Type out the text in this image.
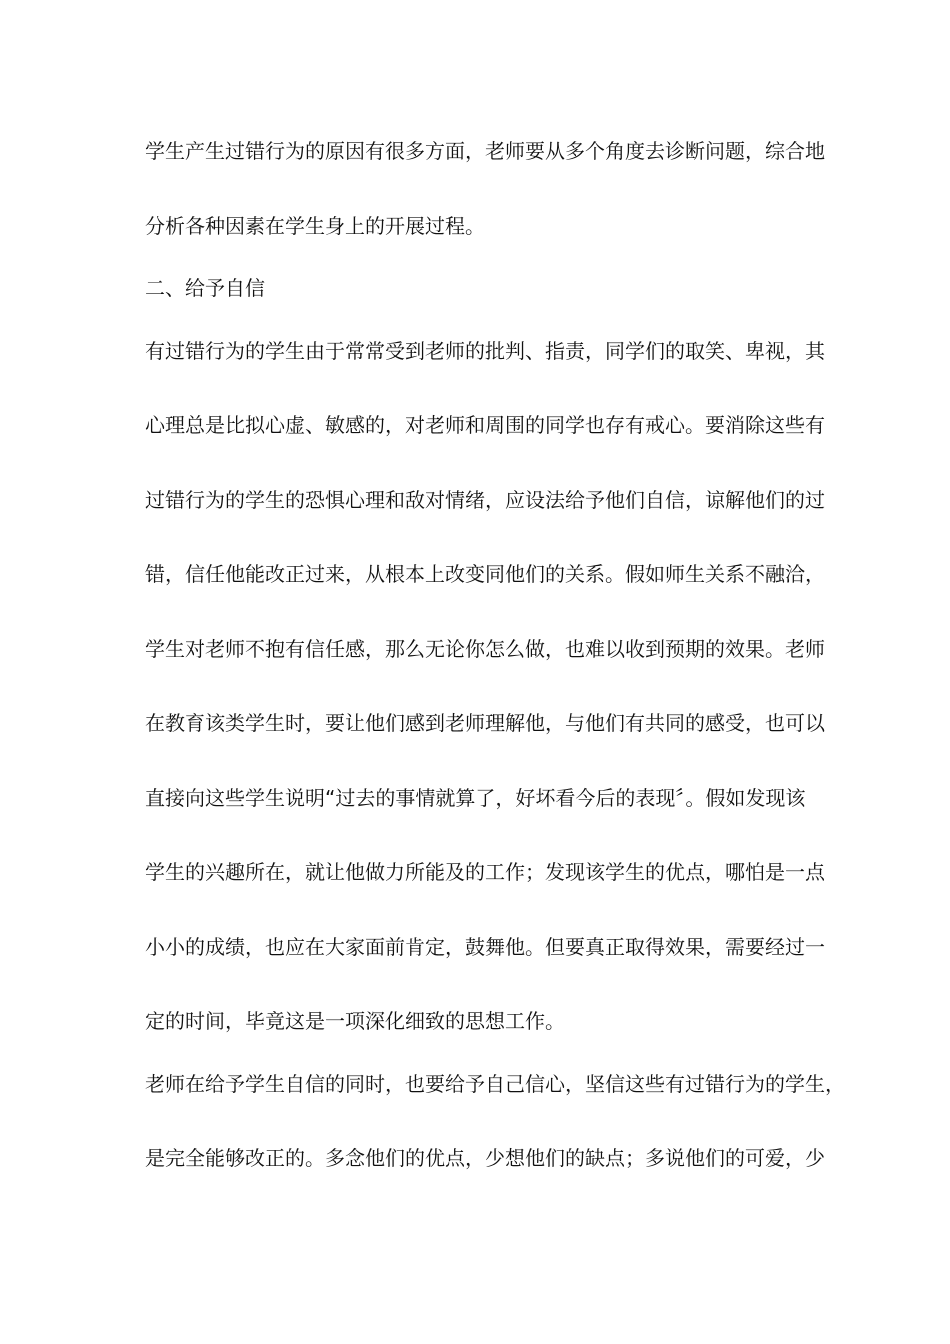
学生产生过错行为的原因有很多方面，老师要从多个角度去诊断问题，综合地
分析各种因素在学生身上的开展过程。
二、给予自信
有过错行为的学生由于常常受到老师的批判、指责，同学们的取笑、卑视，其
心理总是比拟心虚、敏感的，对老师和周围的同学也存有戒心。要消除这些有
过错行为的学生的恐惧心理和敌对情绪，应设法给予他们自信，谅解他们的过
错，信任他能改正过来，从根本上改变同他们的关系。假如师生关系不融洽，
学生对老师不抱有信任感，那么无论你怎么做，也难以收到预期的效果。老师
在教育该类学生时，要让他们感到老师理解他，与他们有共同的感受，也可以
直接向这些学生说明“过去的事情就算了，好坏看今后的表现〞。假如发现该
学生的兴趣所在，就让他做力所能及的工作；发现该学生的优点，哪怕是一点
小小的成绩，也应在大家面前肯定，鼓舞他。但要真正取得效果，需要经过一
定的时间，毕竟这是一项深化细致的思想工作。
老师在给予学生自信的同时，也要给予自己信心，坚信这些有过错行为的学生，
是完全能够改正的。多念他们的优点，少想他们的缺点；多说他们的可爱，少
